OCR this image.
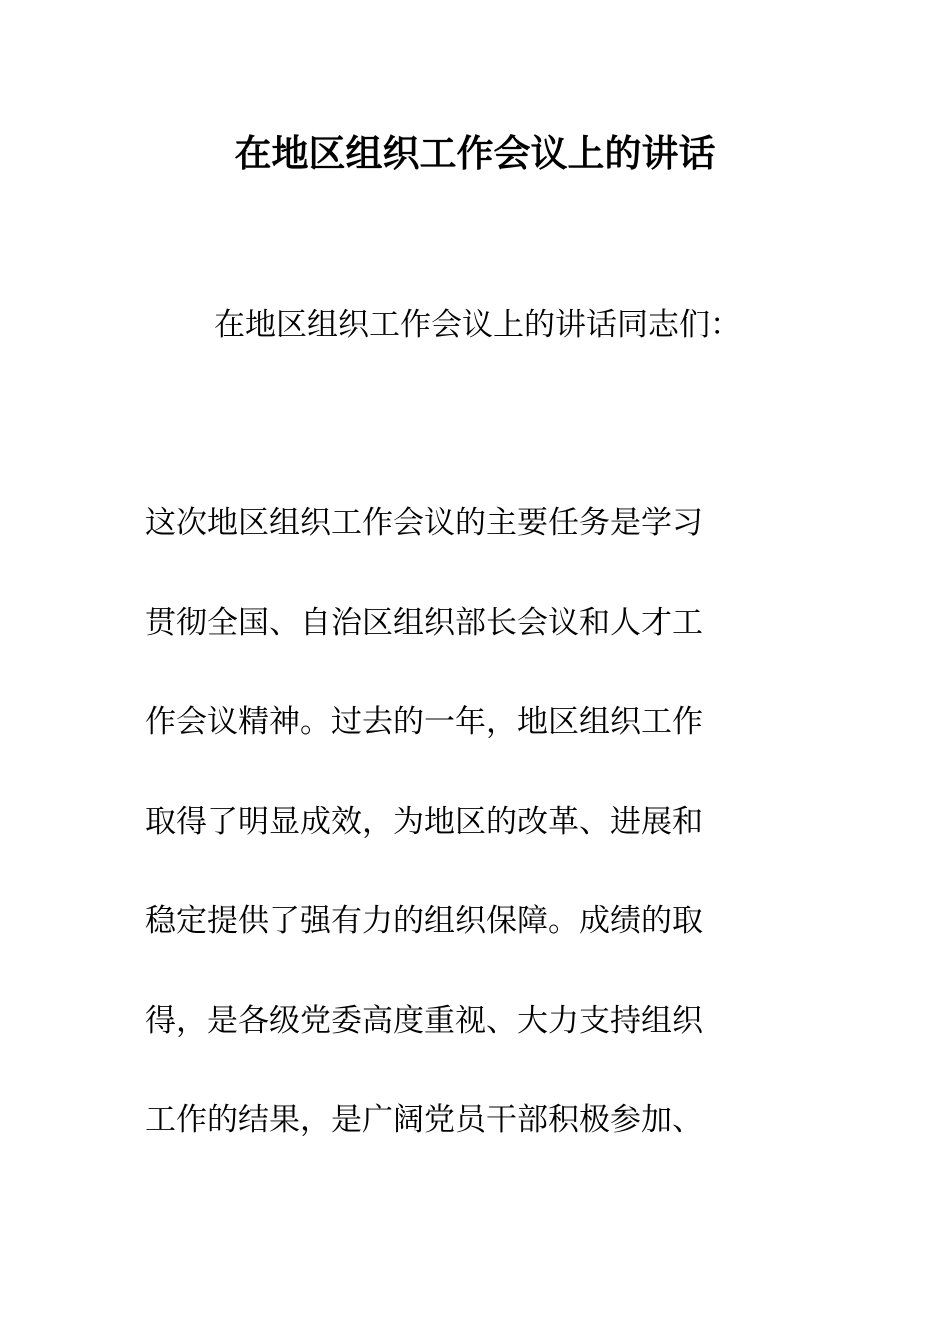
在地区组织工作会议上的讲话
在地区组织工作会议上的讲话同志们：
这次地区组织工作会议的主要任务是学习
贯彻全国、自治区组织部长会议和人才工
作会议精神。过去的一年，地区组织工作
取得了明显成效，为地区的改革、进展和
稳定提供了强有力的组织保障。成绩的取
得，是各级党委高度重视、大力支持组织
工作的结果，是广阔党员干部积极参加、
